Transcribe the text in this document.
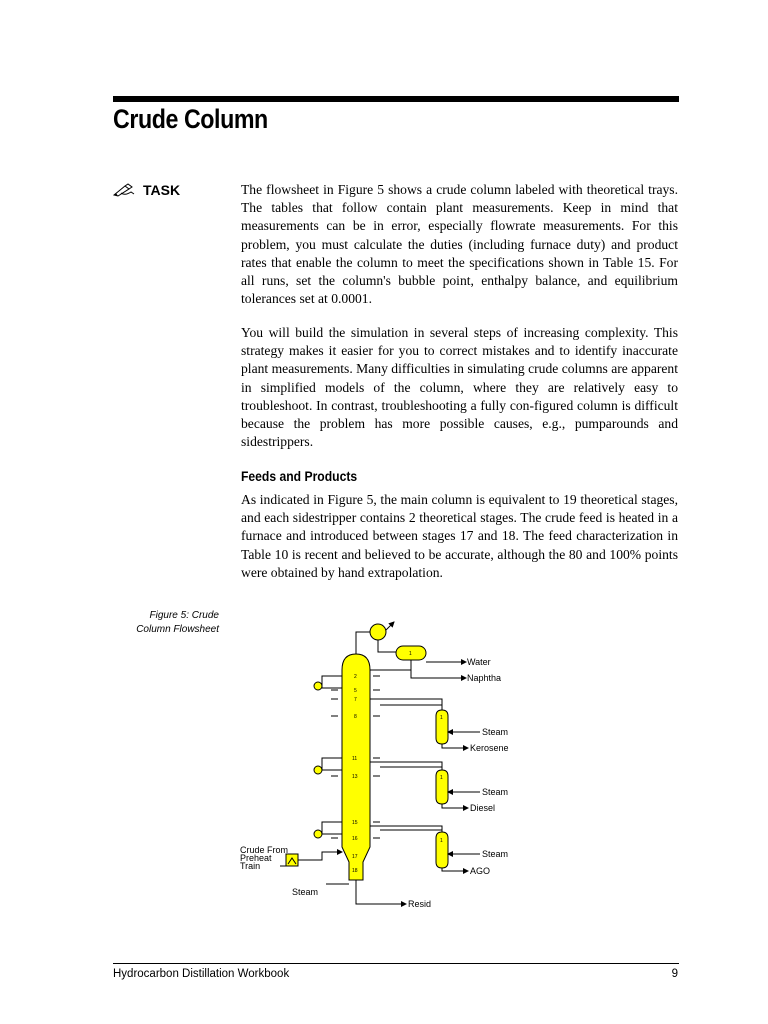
Crude Column
TASK	The flowsheet in Figure 5 shows a crude column labeled with theoretical trays. The tables that follow contain plant measurements. Keep in mind that measurements can be in error, especially flowrate measurements. For this problem, you must calculate the duties (including furnace duty) and product rates that enable the column to meet the specifications shown in Table 15. For all runs, set the column's bubble point, enthalpy balance, and equilibrium tolerances set at 0.0001.

You will build the simulation in several steps of increasing complexity. This strategy makes it easier for you to correct mistakes and to identify inaccurate plant measurements. Many difficulties in simulating crude columns are apparent in simplified models of the column, where they are relatively easy to troubleshoot. In contrast, troubleshooting a fully con-figured column is difficult because the problem has more possible causes, e.g., pumparounds and sidestrippers.

Feeds and Products

As indicated in Figure 5, the main column is equivalent to 19 theoretical stages, and each sidestripper contains 2 theoretical stages. The crude feed is heated in a furnace and introduced between stages 17 and 18. The feed characterization in Table 10 is recent and believed to be accurate, although the 80 and 100% points were obtained by hand extrapolation.

Figure 5: Crude
Column Flowsheet
2
5
7
8
11
13
15
16
17
18
1
1
1
1
Water
Naphtha
Steam
Kerosene
Steam
Diesel
Steam
AGO
Crude From
Preheat
Train
Steam
Resid
Hydrocarbon Distillation Workbook	9
